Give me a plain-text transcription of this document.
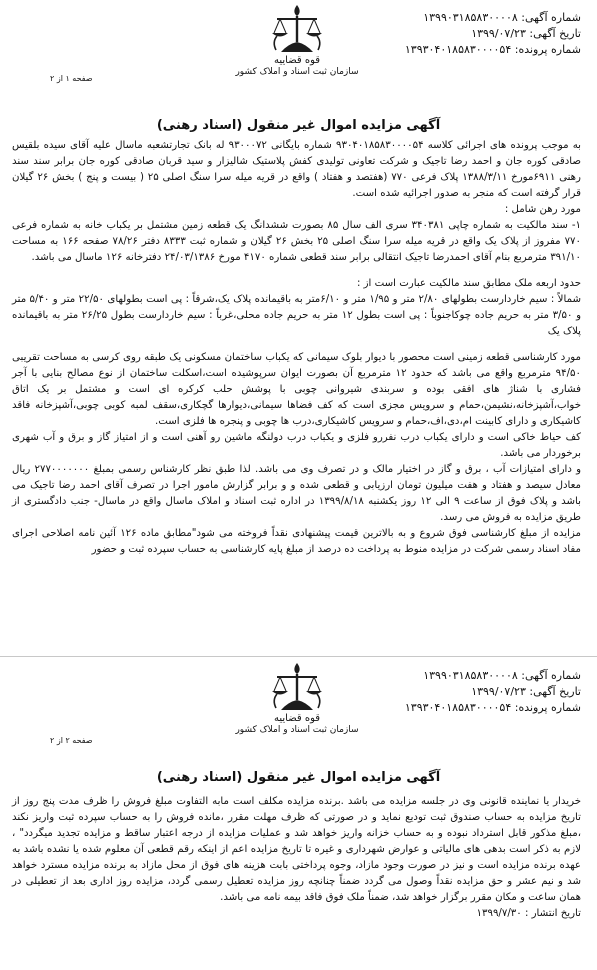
شماره آگهی: ۱۳۹۹۰۳۱۸۵۸۳۰۰۰۰۸
تاریخ آگهی: ۱۳۹۹/۰۷/۲۳
شماره پرونده: ۱۳۹۳۰۴۰۱۸۵۸۳۰۰۰۰۵۴
قوه قضاییه
سازمان ثبت اسناد و املاک کشور
صفحه ۱ از ۲
آگهی مزایده اموال غیر منقول (اسناد رهنی)

به موجب پرونده های اجرائی کلاسه ۹۳۰۴۰۱۸۵۸۳۰۰۰۰۵۴ شماره بایگانی ۹۳۰۰۰۷۲ له بانک تجارتشعبه ماسال علیه آقای سیده بلقیس صادقی کوره جان و احمد رضا تاجیک و شرکت تعاونی تولیدی کفش پلاستیک شالیزار و سید قربان صادقی کوره جان برابر سند سند رهنی ۶۹۱۱مورخ ۱۳۸۸/۳/۱۱ پلاک فرعی ۷۷۰ (هفتصد و هفتاد ) واقع در قریه میله سرا سنگ اصلی ۲۵ ( بیست و پنج ) بخش ۲۶ گیلان قرار گرفته است که منجر به صدور اجرائیه شده است.

مورد رهن شامل :

۱- سند مالکیت به شماره چاپی ۳۴۰۳۸۱ سری الف سال ۸۵ بصورت ششدانگ یک قطعه زمین مشتمل بر یکباب خانه به شماره فرعی ۷۷۰ مفروز از پلاک یک واقع در قریه میله سرا سنگ اصلی ۲۵ بخش ۲۶ گیلان و شماره ثبت ۸۳۳۳ دفتر ۷۸/۲۶ صفحه ۱۶۶ به مساحت ۳۹۱/۱۰ مترمربع بنام آقای احمدرضا تاجیک انتقالی برابر سند قطعی شماره ۴۱۷۰ مورخ ۲۴/۰۳/۱۳۸۶ دفترخانه ۱۲۶ ماسال می باشد.

حدود اربعه ملک مطابق سند مالکیت عبارت است از :

شمالاً : سیم خاردارست بطولهای ۲/۸۰ متر و ۱/۹۵ متر و ۶/۱۰متر به باقیمانده پلاک یک،شرقاً : پی است بطولهای ۲۲/۵۰ متر و ۵/۴۰ متر و ۳/۵۰ متر به حریم جاده چوکاجنوباً : پی است بطول ۱۲ متر به حریم جاده محلی،غرباً : سیم خاردارست بطول ۲۶/۲۵ متر به باقیمانده پلاک یک

مورد کارشناسی قطعه زمینی است محصور با دیوار بلوک سیمانی که یکباب ساختمان مسکونی یک طبقه روی کرسی به مساحت تقریبی ۹۴/۵۰ مترمربع واقع می باشد که حدود ۱۲ مترمربع آن بصورت ایوان سرپوشیده است،اسکلت ساختمان از نوع مصالح بنایی با آجر فشاری با شناژ های افقی بوده و سربندی شیروانی چوبی با پوشش حلب کرکره ای است و مشتمل بر یک اتاق خواب،آشپزخانه،نشیمن،حمام و سرویس مجزی است که کف فضاها سیمانی،دیوارها گچکاری،سقف لمبه کوبی چوبی،آشپزخانه فاقد کاشیکاری و دارای کابینت ام،دی،اف،حمام و سرویس کاشیکاری،درب ها چوبی و پنجره ها فلزی است.

کف حیاط خاکی است و دارای یکباب درب نفررو فلزی و یکباب درب دولنگه ماشین رو آهنی است و از امتیاز گاز و برق و آب شهری برخوردار می باشد.

و دارای امتیازات آب ، برق و گاز در اختیار مالک و در تصرف وی می باشد. لذا طبق نظر کارشناس رسمی بمبلغ ۲۷۷۰۰۰۰۰۰۰ ریال معادل سیصد و هفتاد و هفت میلیون تومان ارزیابی و قطعی شده و و برابر گزارش مامور اجرا در تصرف آقای احمد رضا تاجیک می باشد و پلاک فوق از ساعت ۹ الی ۱۲ روز یکشنبه ۱۳۹۹/۸/۱۸ در اداره ثبت اسناد و املاک ماسال واقع در ماسال- جنب دادگستری از طریق مزایده به فروش می رسد.

مزایده از مبلغ کارشناسی فوق شروع و به بالاترین قیمت پیشنهادی نقداً فروخته می شود"مطابق ماده ۱۲۶ آئین نامه اصلاحی اجرای مفاد اسناد رسمی شرکت در مزایده منوط به پرداخت ده درصد از مبلغ پایه کارشناسی به حساب سپرده ثبت و حضور

شماره آگهی: ۱۳۹۹۰۳۱۸۵۸۳۰۰۰۰۸
تاریخ آگهی: ۱۳۹۹/۰۷/۲۳
شماره پرونده: ۱۳۹۳۰۴۰۱۸۵۸۳۰۰۰۰۵۴
قوه قضاییه
سازمان ثبت اسناد و املاک کشور
صفحه ۲ از ۲
آگهی مزایده اموال غیر منقول (اسناد رهنی)

خریدار یا نماینده قانونی وی در جلسه مزایده می باشد .برنده مزایده مکلف است مابه التفاوت مبلغ فروش را ظرف مدت پنج روز از تاریخ مزایده به حساب صندوق ثبت تودیع نماید و در صورتی که ظرف مهلت مقرر ،مانده فروش را به حساب سپرده ثبت واریز نکند ،مبلغ مذکور قابل استرداد نبوده و به حساب خزانه واریز خواهد شد و عملیات مزایده از درجه اعتبار ساقط و مزایده تجدید میگردد" ، لازم به ذکر است بدهی های مالیاتی و عوارض شهرداری و غیره تا تاریخ مزایده اعم از اینکه رقم قطعی آن معلوم شده یا نشده باشد به عهده برنده مزایده است و نیز در صورت وجود مازاد، وجوه پرداختی بابت هزینه های فوق از محل مازاد به برنده مزایده مسترد خواهد شد و نیم عشر و حق مزایده نقداً وصول می گردد ضمناً چنانچه روز مزایده تعطیل رسمی گردد، مزایده روز اداری بعد از تعطیلی در همان ساعت و مکان مقرر برگزار خواهد شد، ضمناً ملک فوق فاقد بیمه نامه می باشد.

تاریخ انتشار : ۱۳۹۹/۷/۳۰
